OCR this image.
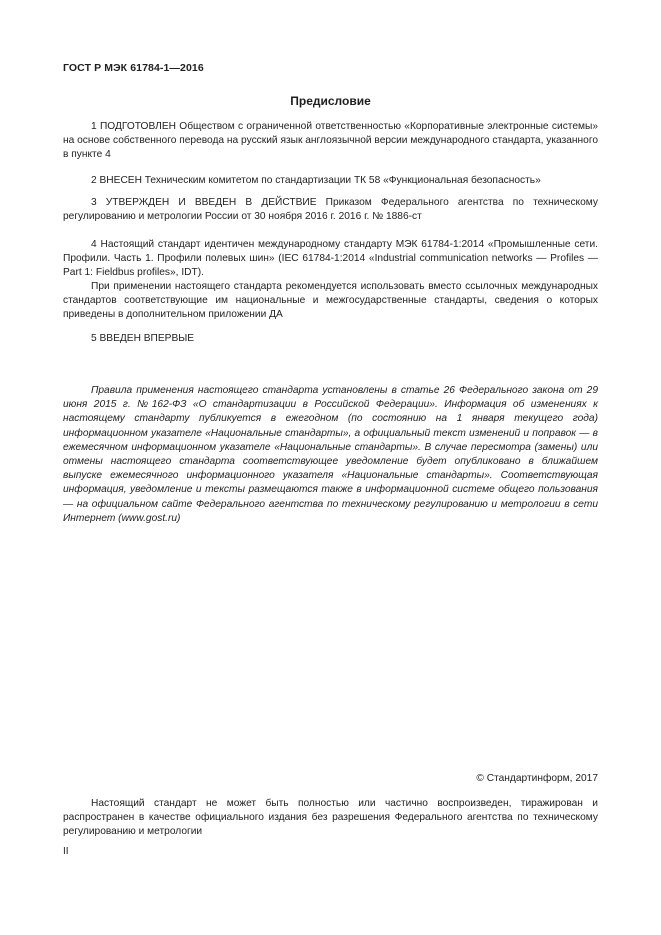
ГОСТ Р МЭК 61784-1—2016
Предисловие

1 ПОДГОТОВЛЕН Обществом с ограниченной ответственностью «Корпоративные электронные системы» на основе собственного перевода на русский язык англоязычной версии международного стандарта, указанного в пункте 4

2 ВНЕСЕН Техническим комитетом по стандартизации ТК 58 «Функциональная безопасность»

3 УТВЕРЖДЕН И ВВЕДЕН В ДЕЙСТВИЕ Приказом Федерального агентства по техническому регулированию и метрологии России от 30 ноября 2016 г. 2016 г. № 1886-ст

4 Настоящий стандарт идентичен международному стандарту МЭК 61784-1:2014 «Промышленные сети. Профили. Часть 1. Профили полевых шин» (IEC 61784-1:2014 «Industrial communication networks — Profiles — Part 1: Fieldbus profiles», IDT).

При применении настоящего стандарта рекомендуется использовать вместо ссылочных международных стандартов соответствующие им национальные и межгосударственные стандарты, сведения о которых приведены в дополнительном приложении ДА

5 ВВЕДЕН ВПЕРВЫЕ

Правила применения настоящего стандарта установлены в статье 26 Федерального закона от 29 июня 2015 г. №162-ФЗ «О стандартизации в Российской Федерации». Информация об изменениях к настоящему стандарту публикуется в ежегодном (по состоянию на 1 января текущего года) информационном указателе «Национальные стандарты», а официальный текст изменений и поправок — в ежемесячном информационном указателе «Национальные стандарты». В случае пересмотра (замены) или отмены настоящего стандарта соответствующее уведомление будет опубликовано в ближайшем выпуске ежемесячного информационного указателя «Национальные стандарты». Соответствующая информация, уведомление и тексты размещаются также в информационной системе общего пользования — на официальном сайте Федерального агентства по техническому регулированию и метрологии в сети Интернет (www.gost.ru)

© Стандартинформ, 2017

Настоящий стандарт не может быть полностью или частично воспроизведен, тиражирован и распространен в качестве официального издания без разрешения Федерального агентства по техническому регулированию и метрологии

II
